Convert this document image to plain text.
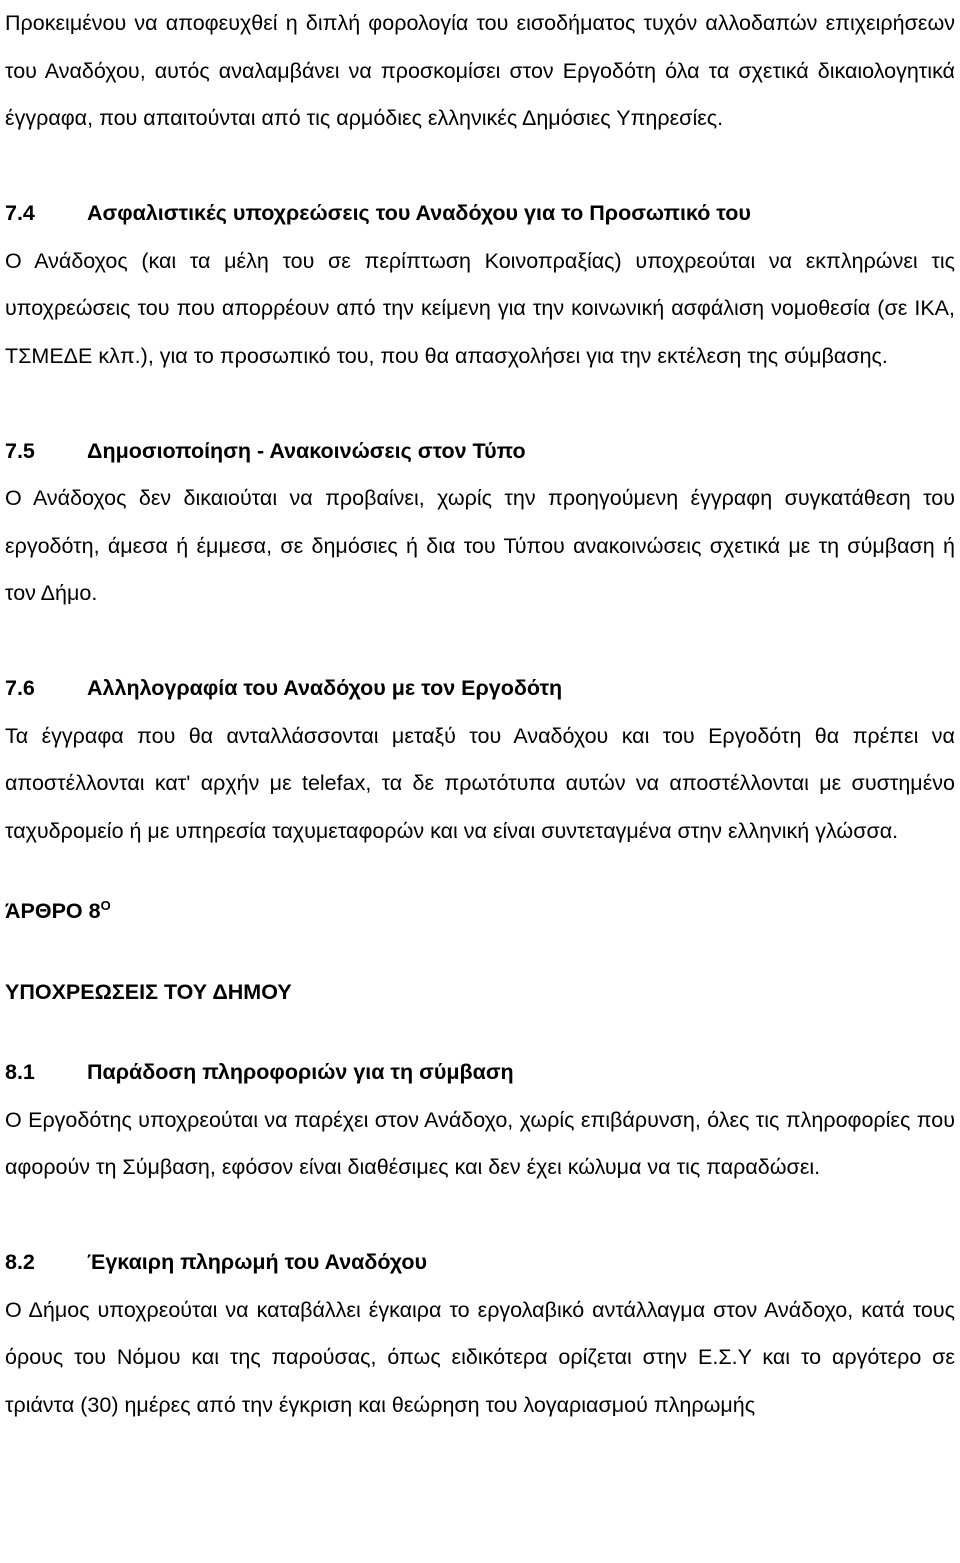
Προκειμένου να αποφευχθεί η διπλή φορολογία του εισοδήματος τυχόν αλλοδαπών επιχειρήσεων του Αναδόχου, αυτός αναλαμβάνει να προσκομίσει στον Εργοδότη όλα τα σχετικά δικαιολογητικά έγγραφα, που απαιτούνται από τις αρμόδιες ελληνικές Δημόσιες Υπηρεσίες.

7.4	Ασφαλιστικές υποχρεώσεις του Αναδόχου για το Προσωπικό του

Ο Ανάδοχος (και τα μέλη του σε περίπτωση Κοινοπραξίας) υποχρεούται να εκπληρώνει τις υποχρεώσεις του που απορρέουν από την κείμενη για την κοινωνική ασφάλιση νομοθεσία (σε ΙΚΑ, ΤΣΜΕΔΕ κλπ.), για το προσωπικό του, που θα απασχολήσει για την εκτέλεση της σύμβασης.

7.5	Δημοσιοποίηση - Ανακοινώσεις στον Τύπο

Ο Ανάδοχος δεν δικαιούται να προβαίνει, χωρίς την προηγούμενη έγγραφη συγκατάθεση του εργοδότη, άμεσα ή έμμεσα, σε δημόσιες ή δια του Τύπου ανακοινώσεις σχετικά με τη σύμβαση ή τον Δήμο.

7.6	Αλληλογραφία του Αναδόχου με τον Εργοδότη

Τα έγγραφα που θα ανταλλάσσονται μεταξύ του Αναδόχου και του Εργοδότη θα πρέπει να αποστέλλονται κατ' αρχήν με telefax, τα δε πρωτότυπα αυτών να αποστέλλονται με συστημένο ταχυδρομείο ή με υπηρεσία ταχυμεταφορών και να είναι συντεταγμένα στην ελληνική γλώσσα.

ΆΡΘΡΟ $8^O$
ΥΠΟΧΡΕΩΣΕΙΣ ΤΟΥ ΔΗΜΟΥ
8.1	Παράδοση πληροφοριών για τη σύμβαση

Ο Εργοδότης υποχρεούται να παρέχει στον Ανάδοχο, χωρίς επιβάρυνση, όλες τις πληροφορίες που αφορούν τη Σύμβαση, εφόσον είναι διαθέσιμες και δεν έχει κώλυμα να τις παραδώσει.

8.2	Έγκαιρη πληρωμή του Αναδόχου

Ο Δήμος υποχρεούται να καταβάλλει έγκαιρα το εργολαβικό αντάλλαγμα στον Ανάδοχο, κατά τους όρους του Νόμου και της παρούσας, όπως ειδικότερα ορίζεται στην Ε.Σ.Υ και το αργότερο σε τριάντα (30) ημέρες από την έγκριση και θεώρηση του λογαριασμού πληρωμής
